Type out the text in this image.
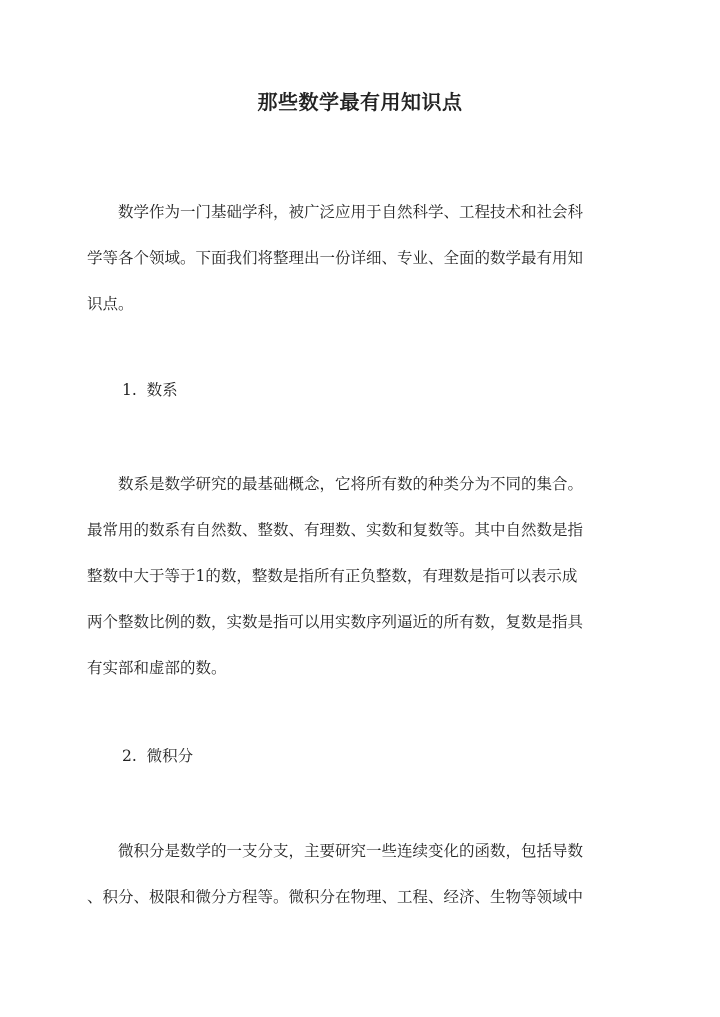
那些数学最有用知识点
数学作为一门基础学科，被广泛应用于自然科学、工程技术和社会科
学等各个领域。下面我们将整理出一份详细、专业、全面的数学最有用知
识点。
1.  数系
数系是数学研究的最基础概念，它将所有数的种类分为不同的集合。
最常用的数系有自然数、整数、有理数、实数和复数等。其中自然数是指
整数中大于等于1的数，整数是指所有正负整数，有理数是指可以表示成
两个整数比例的数，实数是指可以用实数序列逼近的所有数，复数是指具
有实部和虚部的数。
2.  微积分
微积分是数学的一支分支，主要研究一些连续变化的函数，包括导数
、积分、极限和微分方程等。微积分在物理、工程、经济、生物等领域中
